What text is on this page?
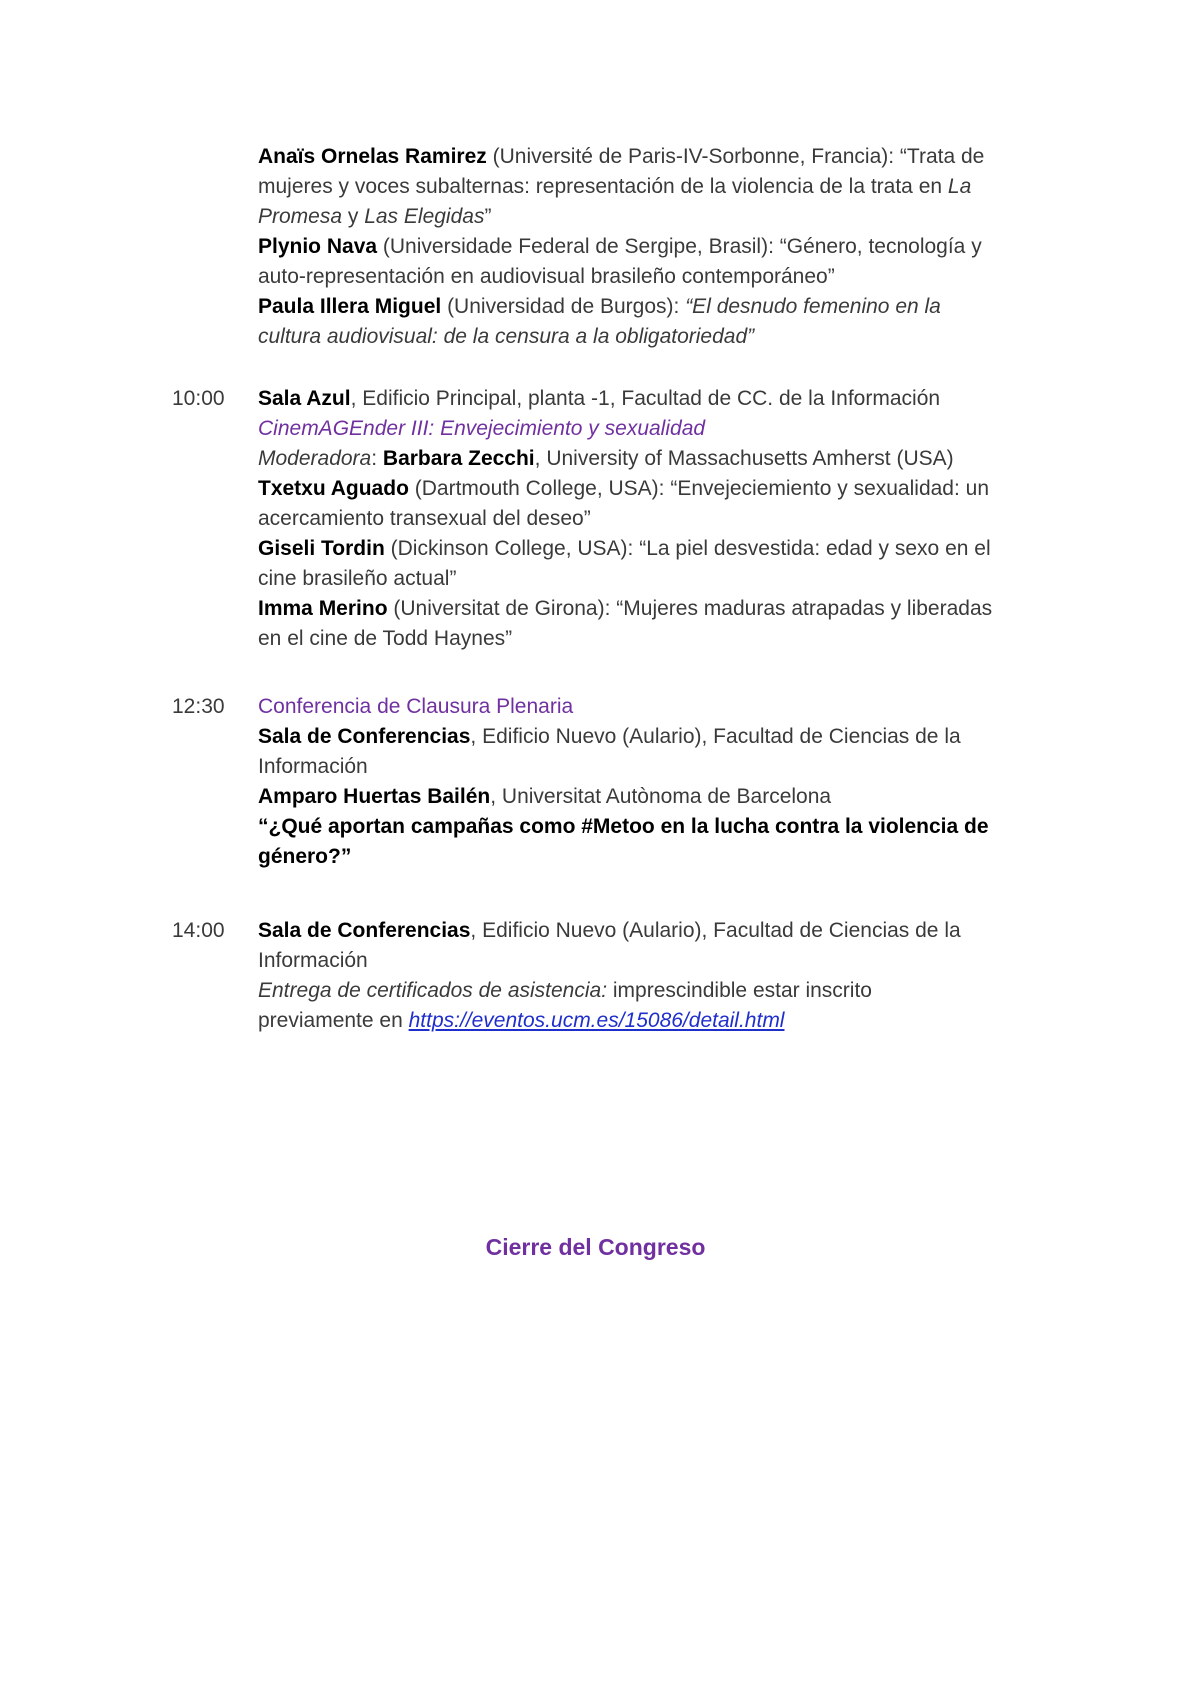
Anaïs Ornelas Ramirez (Université de Paris-IV-Sorbonne, Francia): “Trata de
mujeres y voces subalternas: representación de la violencia de la trata en La
Promesa y Las Elegidas”
Plynio Nava (Universidade Federal de Sergipe, Brasil): “Género, tecnología y
auto-representación en audiovisual brasileño contemporáneo”
Paula Illera Miguel (Universidad de Burgos): “El desnudo femenino en la
cultura audiovisual: de la censura a la obligatoriedad”
10:00	Sala Azul, Edificio Principal, planta -1, Facultad de CC. de la Información
CinemAGEnder III: Envejecimiento y sexualidad
Moderadora: Barbara Zecchi, University of Massachusetts Amherst (USA)
Txetxu Aguado (Dartmouth College, USA): “Envejeciemiento y sexualidad: un
acercamiento transexual del deseo”
Giseli Tordin (Dickinson College, USA): “La piel desvestida: edad y sexo en el
cine brasileño actual”
Imma Merino (Universitat de Girona): “Mujeres maduras atrapadas y liberadas
en el cine de Todd Haynes”
12:30	Conferencia de Clausura Plenaria
Sala de Conferencias, Edificio Nuevo (Aulario), Facultad de Ciencias de la
Información
Amparo Huertas Bailén, Universitat Autònoma de Barcelona
“¿Qué aportan campañas como #Metoo en la lucha contra la violencia de
género?”
14:00	Sala de Conferencias, Edificio Nuevo (Aulario), Facultad de Ciencias de la
Información
Entrega de certificados de asistencia: imprescindible estar inscrito
previamente en https://eventos.ucm.es/15086/detail.html
Cierre del Congreso
